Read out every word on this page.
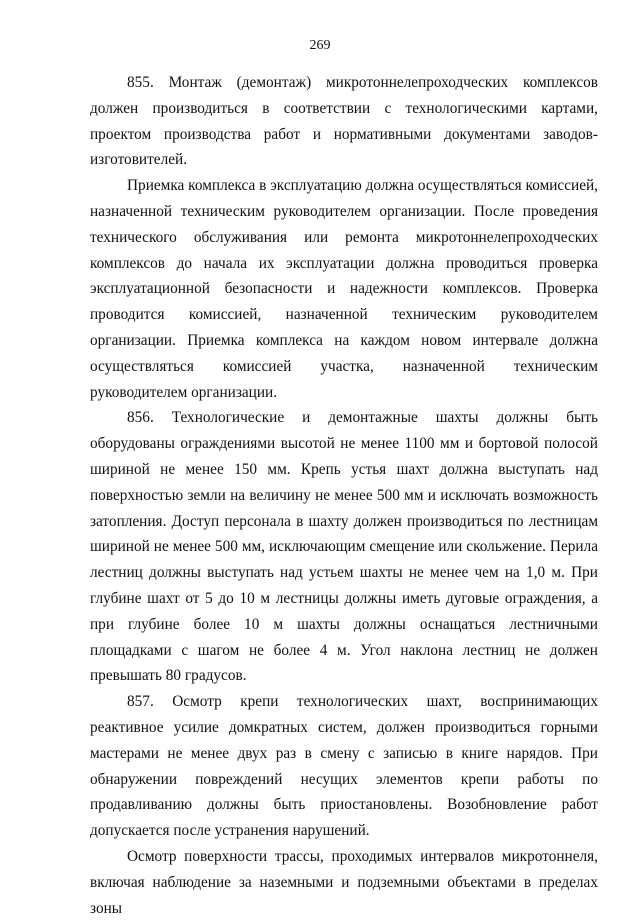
269

855. Монтаж (демонтаж) микротоннелепроходческих комплексов должен производиться в соответствии с технологическими картами, проектом производства работ и нормативными документами заводов-изготовителей.

Приемка комплекса в эксплуатацию должна осуществляться комиссией, назначенной техническим руководителем организации. После проведения технического обслуживания или ремонта микротоннелепроходческих комплексов до начала их эксплуатации должна проводиться проверка эксплуатационной безопасности и надежности комплексов. Проверка проводится комиссией, назначенной техническим руководителем организации. Приемка комплекса на каждом новом интервале должна осуществляться комиссией участка, назначенной техническим руководителем организации.

856. Технологические и демонтажные шахты должны быть оборудованы ограждениями высотой не менее 1100 мм и бортовой полосой шириной не менее 150 мм. Крепь устья шахт должна выступать над поверхностью земли на величину не менее 500 мм и исключать возможность затопления. Доступ персонала в шахту должен производиться по лестницам шириной не менее 500 мм, исключающим смещение или скольжение. Перила лестниц должны выступать над устьем шахты не менее чем на 1,0 м. При глубине шахт от 5 до 10 м лестницы должны иметь дуговые ограждения, а при глубине более 10 м шахты должны оснащаться лестничными площадками с шагом не более 4 м. Угол наклона лестниц не должен превышать 80 градусов.

857. Осмотр крепи технологических шахт, воспринимающих реактивное усилие домкратных систем, должен производиться горными мастерами не менее двух раз в смену с записью в книге нарядов. При обнаружении повреждений несущих элементов крепи работы по продавливанию должны быть приостановлены. Возобновление работ допускается после устранения нарушений.

Осмотр поверхности трассы, проходимых интервалов микротоннеля, включая наблюдение за наземными и подземными объектами в пределах зоны
